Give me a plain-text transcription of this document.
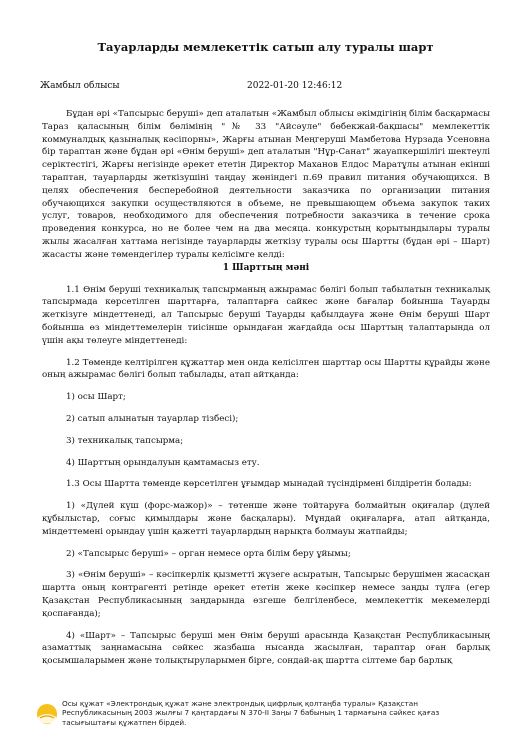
Тауарларды мемлекеттік сатып алу туралы шарт
Жамбыл облысы	2022-01-20 12:46:12

Бұдан әрі «Тапсырыс беруші» деп аталатын «Жамбыл облысы әкімдігінің білім басқармасы Тараз қаласының білім бөлімінің "№ 33 "Айсәуле" бөбекжай-бақшасы" мемлекеттік коммуналдық қазыналық кәсіпорны», Жарғы атынан Меңгеруші Мамбетова Нурзада Усеновна бір тараптан және бұдан әрі «Өнім беруші» деп аталатын "Нұр-Санат" жауапкершілігі шектеулі серіктестігі, Жарғы негізінде әрекет ететін Директор Маханов Елдос Маратұлы атынан екінші тараптан, тауарларды жеткізушіні таңдау жөніндегі п.69 правил питания обучающихся. В целях обеспечения бесперебойной деятельности заказчика по организации питания обучающихся закупки осуществляются в объеме, не превышающем объема закупок таких услуг, товаров, необходимого для обеспечения потребности заказчика в течение срока проведения конкурса, но не более чем на два месяца. конкурстың қорытындылары туралы жылы жасалған хаттама негізінде тауарларды жеткізу туралы осы Шартты (бұдан әрі – Шарт) жасасты және төмендегілер туралы келісімге келді:

1 Шарттың мәні

1.1 Өнім беруші техникалық тапсырманың ажырамас бөлігі болып табылатын техникалық тапсырмада көрсетілген шарттарға, талаптарға сайкес және бағалар бойынша Тауарды жеткізуге міндеттенеді, ал Тапсырыс беруші Тауарды қабылдауға және Өнім беруші Шарт бойынша өз міндеттемелерін тиісінше орындаған жағдайда осы Шарттың талаптарында ол үшін ақы төлеуге міндеттенеді:

1.2 Төменде келтірілген құжаттар мен онда келісілген шарттар осы Шартты құрайды және оның ажырамас бөлігі болып табылады, атап айтқанда:

1) осы Шарт;

2) сатып алынатын тауарлар тізбесі);

3) техникалық тапсырма;

4) Шарттың орындалуын қамтамасыз ету.

1.3 Осы Шартта төменде көрсетілген ұғымдар мынадай түсіндірмені білдіретін болады:

1) «Дүлей күш (форс-мажор)» – төтенше және тойтаруға болмайтын оқиғалар (дүлей құбылыстар, соғыс қимылдары және басқалары). Мұндай оқиғаларға, атап айтқанда, міндеттемені орындау үшін қажетті тауарлардың нарықта болмауы жатпайды;

2) «Тапсырыс беруші» – орган немесе орта білім беру ұйымы;

3) «Өнім беруші» – кәсіпкерлік қызметті жүзеге асыратын, Тапсырыс берушімен жасасқан шартта оның контрагенті ретінде әрекет ететін жеке кәсіпкер немесе заңды тұлға (егер Қазақстан Республикасының заңдарында өзгеше белгіленбесе, мемлекеттік мекемелерді қоспағанда);

4) «Шарт» – Тапсырыс беруші мен Өнім беруші арасында Қазақстан Республикасының азаматтық заңнамасына сәйкес жазбаша нысанда жасылған, тараптар оған барлық қосымшаларымен және толықтыруларымен бірге, сондай-ақ шартта сілтеме бар барлық

Осы құжат «Электрондық құжат және электрондық цифрлық қолтаңба туралы» Қазақстан Республикасының 2003 жылғы 7 қаңтардағы N 370-II Заңы 7 бабының 1 тармағына сәйкес қағаз тасығыштағы құжатпен бірдей.
